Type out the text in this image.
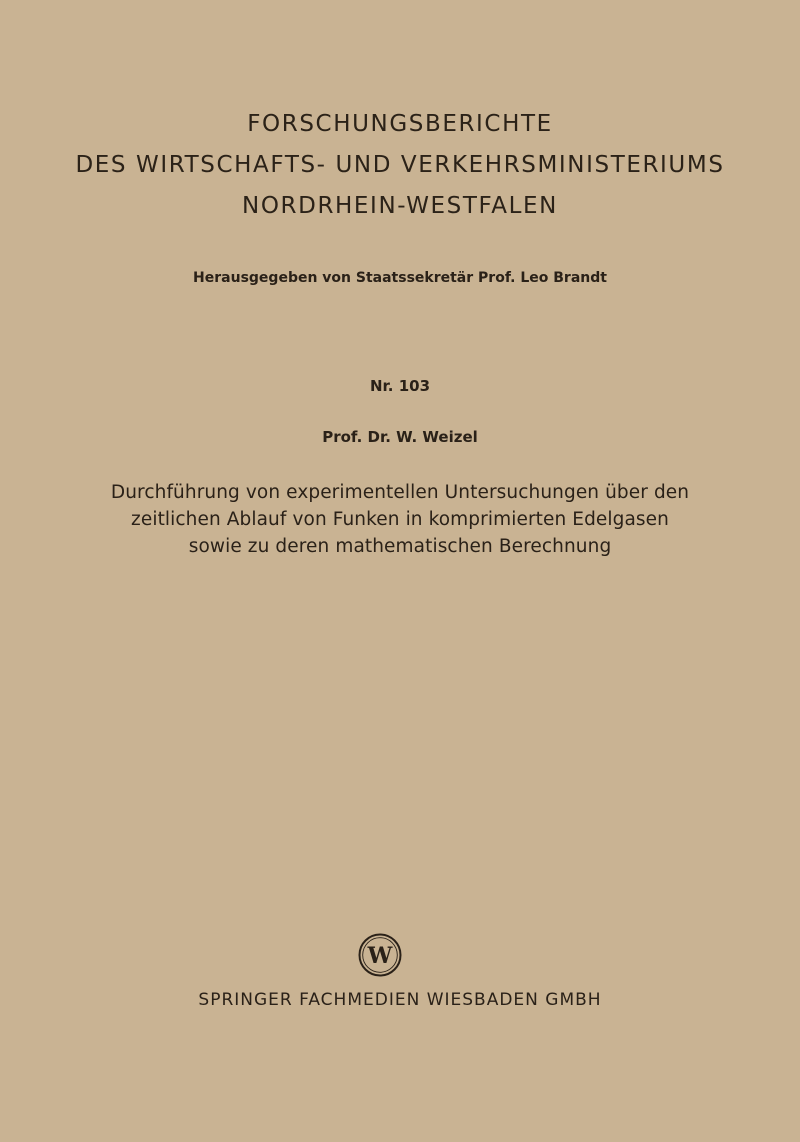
FORSCHUNGSBERICHTE
DES WIRTSCHAFTS- UND VERKEHRSMINISTERIUMS
NORDRHEIN-WESTFALEN
Herausgegeben von Staatssekretär Prof. Leo Brandt
Nr. 103
Prof. Dr. W. Weizel
Durchführung von experimentellen Untersuchungen über den
zeitlichen Ablauf von Funken in komprimierten Edelgasen
sowie zu deren mathematischen Berechnung
W
SPRINGER FACHMEDIEN WIESBADEN GMBH
